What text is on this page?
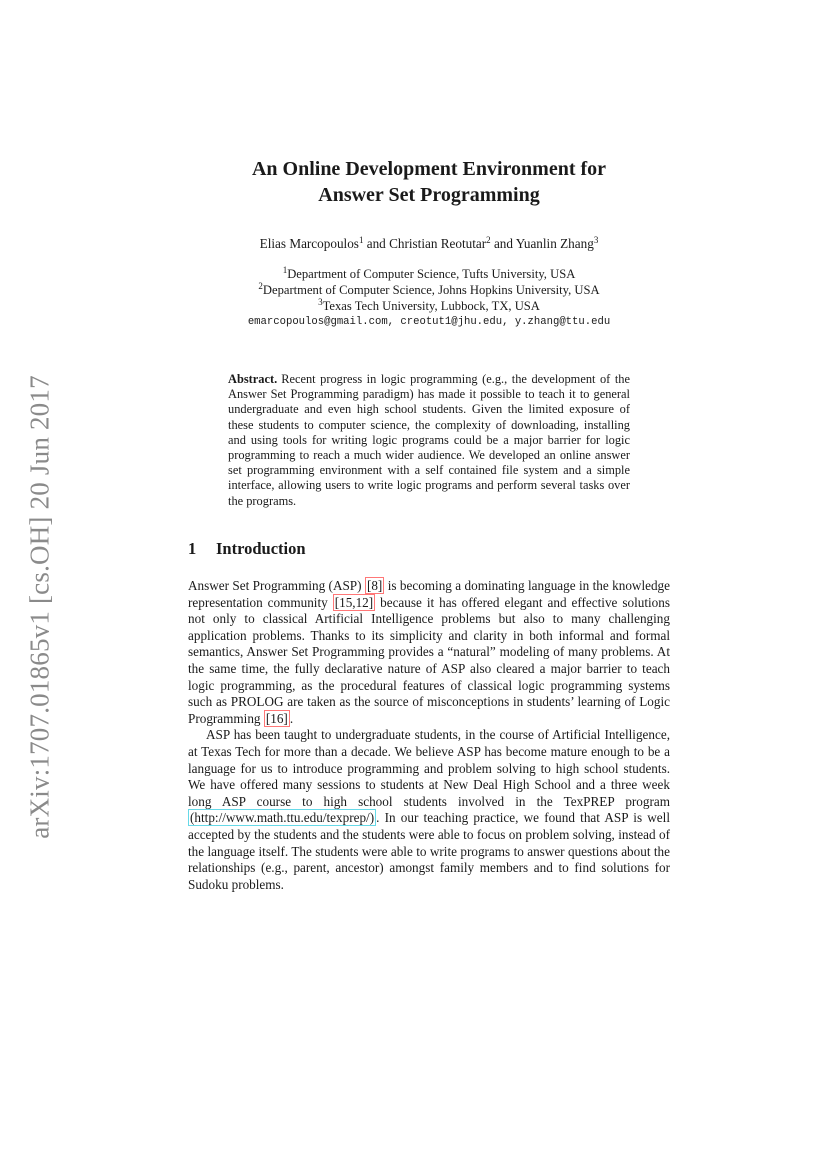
arXiv:1707.01865v1 [cs.OH] 20 Jun 2017
An Online Development Environment for
Answer Set Programming
Elias Marcopoulos$^1$ and Christian Reotutar$^2$ and Yuanlin Zhang$^3$
$^1$Department of Computer Science, Tufts University, USA
$^2$Department of Computer Science, Johns Hopkins University, USA
$^3$Texas Tech University, Lubbock, TX, USA
emarcopoulos@gmail.com, creotut1@jhu.edu, y.zhang@ttu.edu
Abstract. Recent progress in logic programming (e.g., the development of the Answer Set Programming paradigm) has made it possible to teach it to general undergraduate and even high school students. Given the limited exposure of these students to computer science, the complexity of downloading, installing and using tools for writing logic programs could be a major barrier for logic programming to reach a much wider audience. We developed an online answer set programming environment with a self contained file system and a simple interface, allowing users to write logic programs and perform several tasks over the programs.
1 Introduction

Answer Set Programming (ASP) [8] is becoming a dominating language in the knowledge representation community [15,12] because it has offered elegant and effective solutions not only to classical Artificial Intelligence problems but also to many challenging application problems. Thanks to its simplicity and clarity in both informal and formal semantics, Answer Set Programming provides a “natural” modeling of many problems. At the same time, the fully declarative nature of ASP also cleared a major barrier to teach logic programming, as the procedural features of classical logic programming systems such as PROLOG are taken as the source of misconceptions in students’ learning of Logic Programming [16] .

ASP has been taught to undergraduate students, in the course of Artificial Intelligence, at Texas Tech for more than a decade. We believe ASP has become mature enough to be a language for us to introduce programming and problem solving to high school students. We have offered many sessions to students at New Deal High School and a three week long ASP course to high school students involved in the TexPREP program (http://www.math.ttu.edu/texprep/) . In our teaching practice, we found that ASP is well accepted by the students and the students were able to focus on problem solving, instead of the language itself. The students were able to write programs to answer questions about the relationships (e.g., parent, ancestor) amongst family members and to find solutions for Sudoku problems.
